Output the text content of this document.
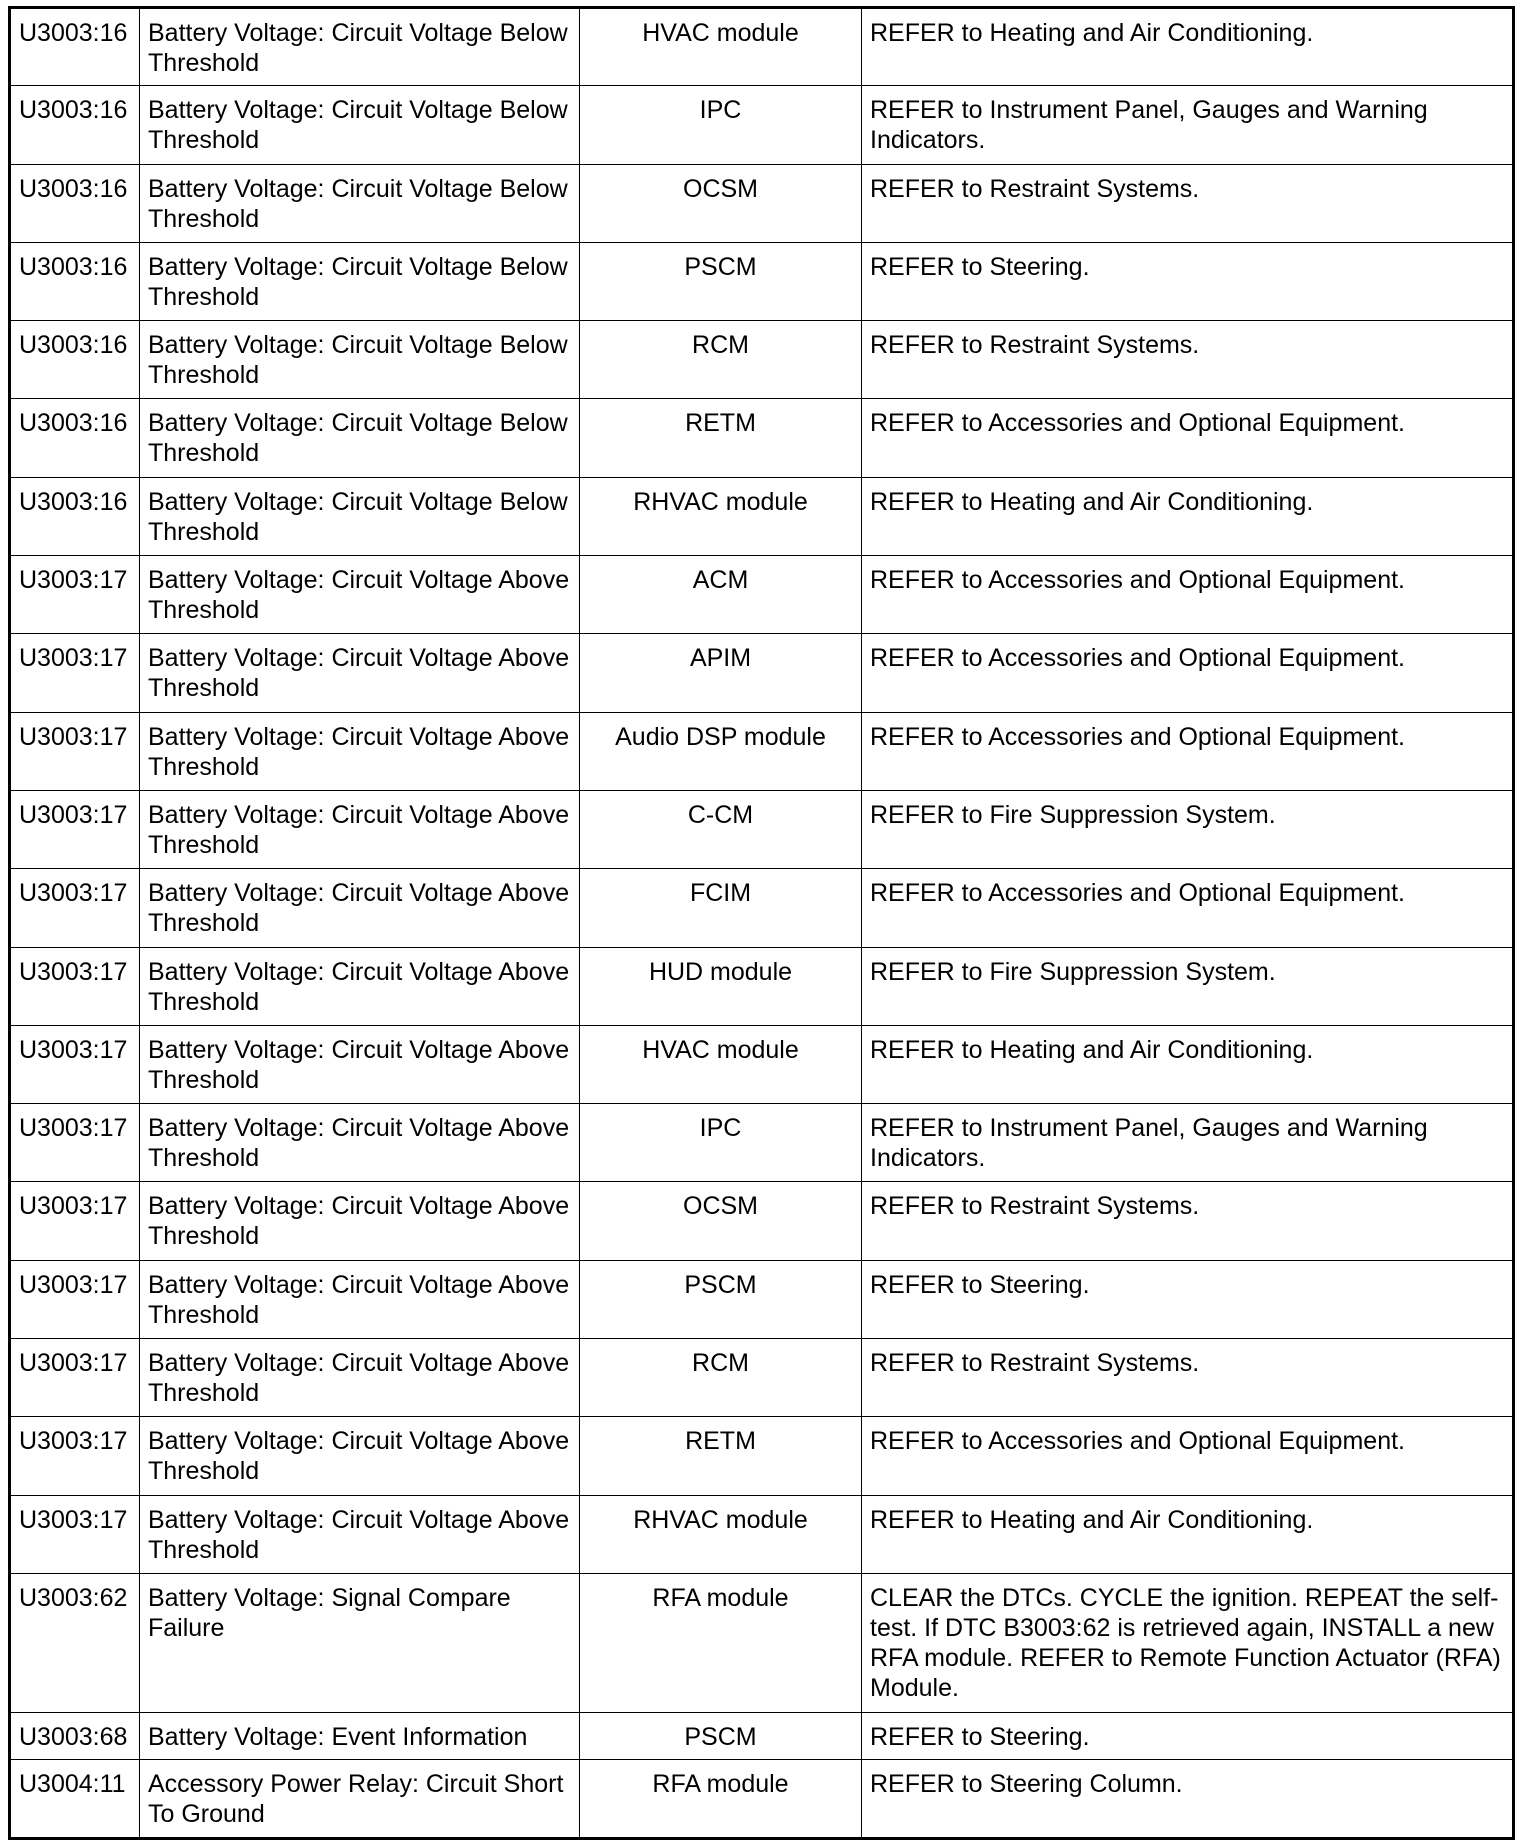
U3003:16	Battery Voltage: Circuit Voltage Below Threshold	HVAC module	REFER to Heating and Air Conditioning.
U3003:16	Battery Voltage: Circuit Voltage Below Threshold	IPC	REFER to Instrument Panel, Gauges and Warning Indicators.
U3003:16	Battery Voltage: Circuit Voltage Below Threshold	OCSM	REFER to Restraint Systems.
U3003:16	Battery Voltage: Circuit Voltage Below Threshold	PSCM	REFER to Steering.
U3003:16	Battery Voltage: Circuit Voltage Below Threshold	RCM	REFER to Restraint Systems.
U3003:16	Battery Voltage: Circuit Voltage Below Threshold	RETM	REFER to Accessories and Optional Equipment.
U3003:16	Battery Voltage: Circuit Voltage Below Threshold	RHVAC module	REFER to Heating and Air Conditioning.
U3003:17	Battery Voltage: Circuit Voltage Above Threshold	ACM	REFER to Accessories and Optional Equipment.
U3003:17	Battery Voltage: Circuit Voltage Above Threshold	APIM	REFER to Accessories and Optional Equipment.
U3003:17	Battery Voltage: Circuit Voltage Above Threshold	Audio DSP module	REFER to Accessories and Optional Equipment.
U3003:17	Battery Voltage: Circuit Voltage Above Threshold	C-CM	REFER to Fire Suppression System.
U3003:17	Battery Voltage: Circuit Voltage Above Threshold	FCIM	REFER to Accessories and Optional Equipment.
U3003:17	Battery Voltage: Circuit Voltage Above Threshold	HUD module	REFER to Fire Suppression System.
U3003:17	Battery Voltage: Circuit Voltage Above Threshold	HVAC module	REFER to Heating and Air Conditioning.
U3003:17	Battery Voltage: Circuit Voltage Above Threshold	IPC	REFER to Instrument Panel, Gauges and Warning Indicators.
U3003:17	Battery Voltage: Circuit Voltage Above Threshold	OCSM	REFER to Restraint Systems.
U3003:17	Battery Voltage: Circuit Voltage Above Threshold	PSCM	REFER to Steering.
U3003:17	Battery Voltage: Circuit Voltage Above Threshold	RCM	REFER to Restraint Systems.
U3003:17	Battery Voltage: Circuit Voltage Above Threshold	RETM	REFER to Accessories and Optional Equipment.
U3003:17	Battery Voltage: Circuit Voltage Above Threshold	RHVAC module	REFER to Heating and Air Conditioning.
U3003:62	Battery Voltage: Signal Compare Failure	RFA module	CLEAR the DTCs. CYCLE the ignition. REPEAT the self-test. If DTC B3003:62 is retrieved again, INSTALL a new RFA module. REFER to Remote Function Actuator (RFA) Module.
U3003:68	Battery Voltage: Event Information	PSCM	REFER to Steering.
U3004:11	Accessory Power Relay: Circuit Short To Ground	RFA module	REFER to Steering Column.
